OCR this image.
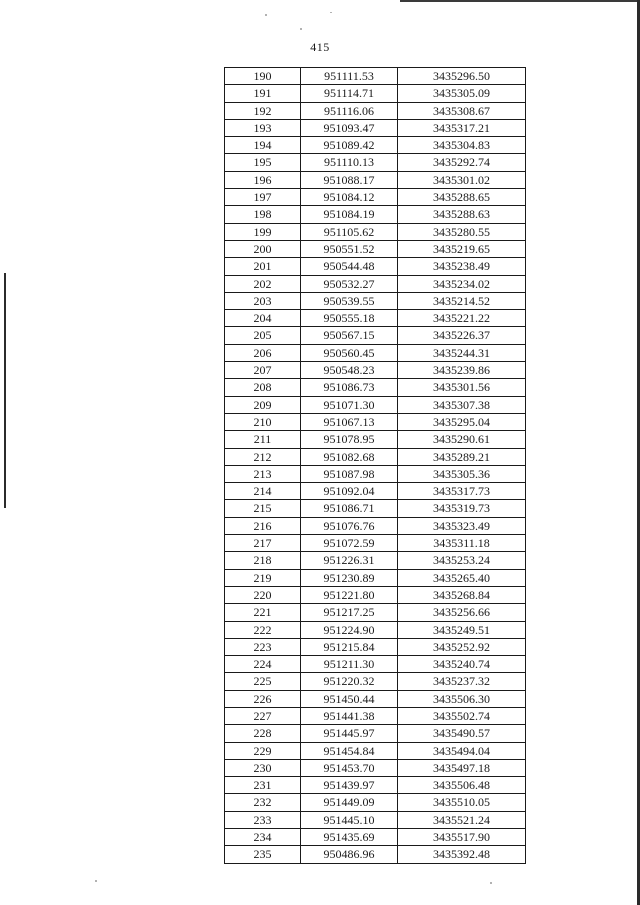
415
190	951111.53	3435296.50
191	951114.71	3435305.09
192	951116.06	3435308.67
193	951093.47	3435317.21
194	951089.42	3435304.83
195	951110.13	3435292.74
196	951088.17	3435301.02
197	951084.12	3435288.65
198	951084.19	3435288.63
199	951105.62	3435280.55
200	950551.52	3435219.65
201	950544.48	3435238.49
202	950532.27	3435234.02
203	950539.55	3435214.52
204	950555.18	3435221.22
205	950567.15	3435226.37
206	950560.45	3435244.31
207	950548.23	3435239.86
208	951086.73	3435301.56
209	951071.30	3435307.38
210	951067.13	3435295.04
211	951078.95	3435290.61
212	951082.68	3435289.21
213	951087.98	3435305.36
214	951092.04	3435317.73
215	951086.71	3435319.73
216	951076.76	3435323.49
217	951072.59	3435311.18
218	951226.31	3435253.24
219	951230.89	3435265.40
220	951221.80	3435268.84
221	951217.25	3435256.66
222	951224.90	3435249.51
223	951215.84	3435252.92
224	951211.30	3435240.74
225	951220.32	3435237.32
226	951450.44	3435506.30
227	951441.38	3435502.74
228	951445.97	3435490.57
229	951454.84	3435494.04
230	951453.70	3435497.18
231	951439.97	3435506.48
232	951449.09	3435510.05
233	951445.10	3435521.24
234	951435.69	3435517.90
235	950486.96	3435392.48
